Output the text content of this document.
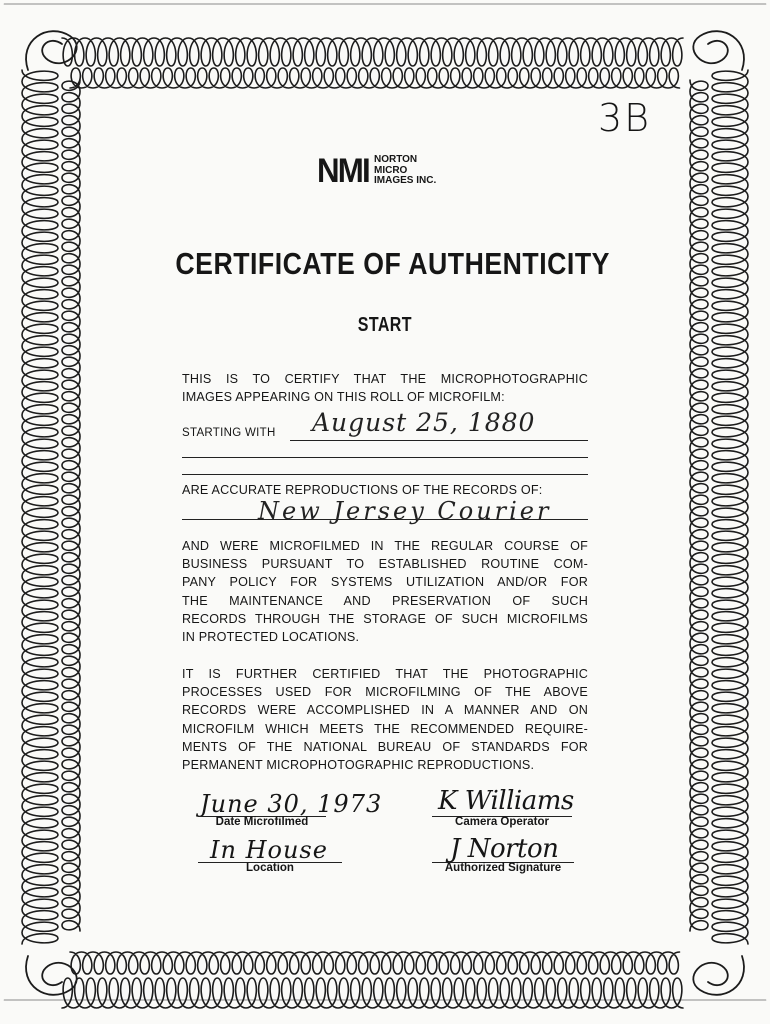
3B
NMI NORTON
MICRO
IMAGES INC.
CERTIFICATE OF AUTHENTICITY
START
THIS IS TO CERTIFY THAT THE MICROPHOTOGRAPHIC
IMAGES APPEARING ON THIS ROLL OF MICROFILM:
STARTING WITH August 25, 1880
ARE ACCURATE REPRODUCTIONS OF THE RECORDS OF:
New Jersey Courier
AND WERE MICROFILMED IN THE REGULAR COURSE OF
BUSINESS PURSUANT TO ESTABLISHED ROUTINE COM-
PANY POLICY FOR SYSTEMS UTILIZATION AND/OR FOR
THE MAINTENANCE AND PRESERVATION OF SUCH
RECORDS THROUGH THE STORAGE OF SUCH MICROFILMS
IN PROTECTED LOCATIONS.
IT IS FURTHER CERTIFIED THAT THE PHOTOGRAPHIC
PROCESSES USED FOR MICROFILMING OF THE ABOVE
RECORDS WERE ACCOMPLISHED IN A MANNER AND ON
MICROFILM WHICH MEETS THE RECOMMENDED REQUIRE-
MENTS OF THE NATIONAL BUREAU OF STANDARDS FOR
PERMANENT MICROPHOTOGRAPHIC REPRODUCTIONS.
June 30, 1973
Date Microfilmed
K Williams
Camera Operator
In House
Location
J Norton
Authorized Signature
